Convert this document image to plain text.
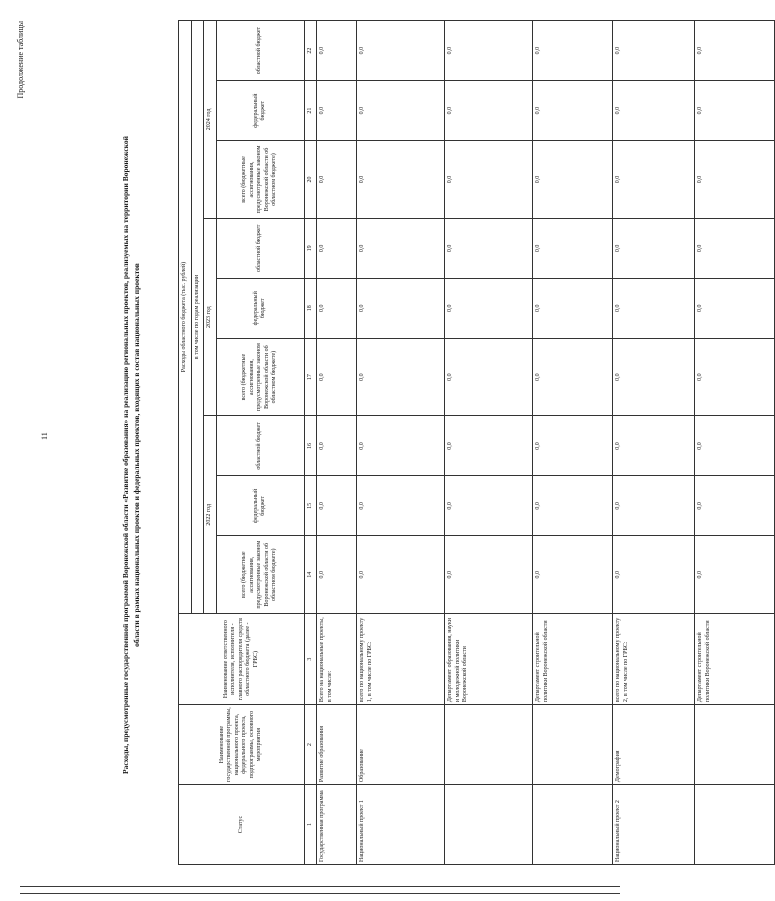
11
Продолжение таблицы
Расходы, предусмотренные государственной программой Воронежской области «Развитие образования» на реализацию региональных проектов, реализуемых на территории Воронежской области в рамках национальных проектов и федеральных проектов, входящих в состав национальных проектов
Статус	Наименование государственной программы, национального проекта, федерального проекта, подпрограммы, основного мероприятия	Наименование ответственного исполнителя, исполнителя - главного распорядителя средств областного бюджета (далее - ГРБС)	Расходы областного бюджета (тыс. рублей)								
			в том числе по годам реализации								
			2022 год			2023 год			2024 год		
			всего (бюджетные ассигнования, предусмотренные законом Воронежской области об областном бюджете)	федеральный бюджет	областной бюджет	всего (бюджетные ассигнования, предусмотренные законом Воронежской области об областном бюджете)	федеральный бюджет	областной бюджет	всего (бюджетные ассигнования, предусмотренные законом Воронежской области об областном бюджете)	федеральный бюджет	областной бюджет
1	2	3	14	15	16	17	18	19	20	21	22
Государственная программа	Развитие образования	Всего на национальные проекты, в том числе:	0,0	0,0	0,0	0,0	0,0	0,0	0,0	0,0	0,0
Национальный проект 1	Образование	всего по национальному проекту 1, в том числе по ГРБС:	0,0	0,0	0,0	0,0	0,0	0,0	0,0	0,0	0,0
		Департамент образования, науки и молодежной политики Воронежской области	0,0	0,0	0,0	0,0	0,0	0,0	0,0	0,0	0,0
		Департамент строительной политики Воронежской области	0,0	0,0	0,0	0,0	0,0	0,0	0,0	0,0	0,0
Национальный проект 2	Демография	всего по национальному проекту 2, в том числе по ГРБС:	0,0	0,0	0,0	0,0	0,0	0,0	0,0	0,0	0,0
		Департамент строительной политики Воронежской области	0,0	0,0	0,0	0,0	0,0	0,0	0,0	0,0	0,0
